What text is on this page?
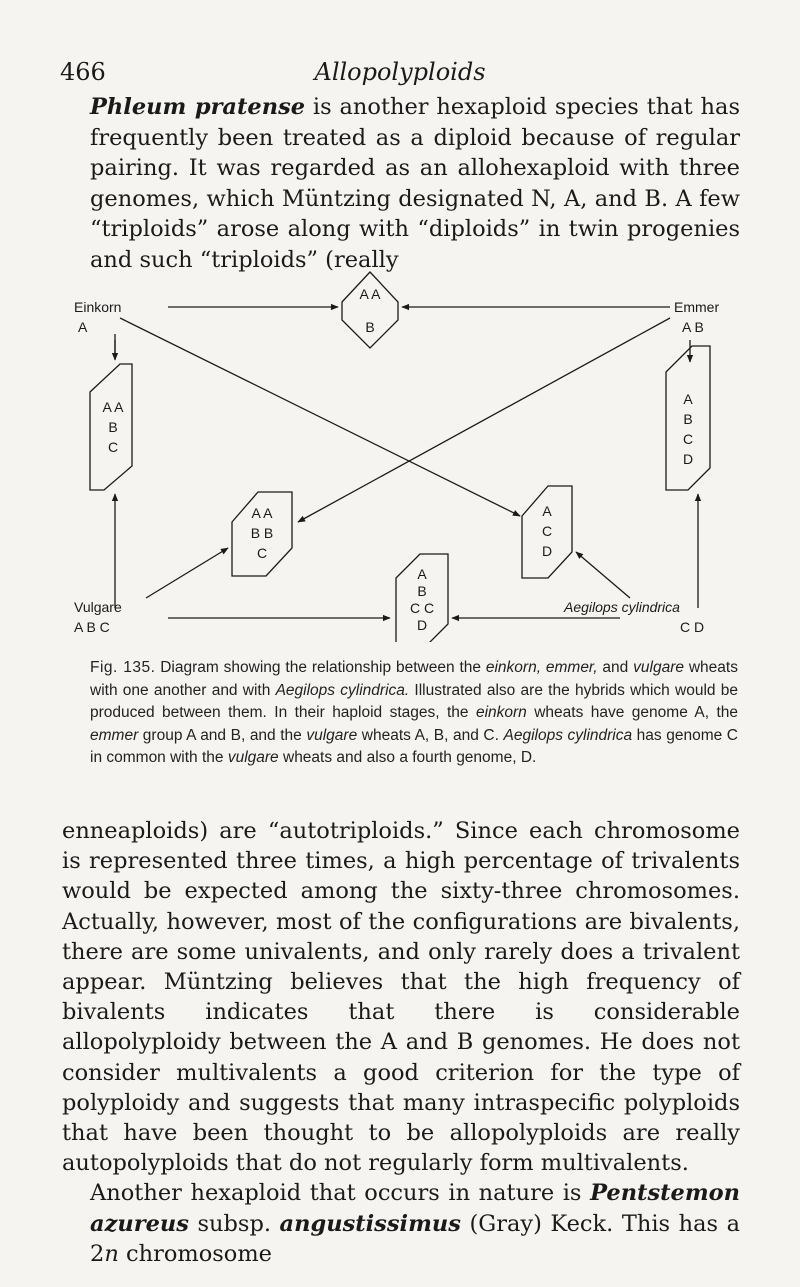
466	Allopolyploids
Phleum pratense is another hexaploid species that has frequently been treated as a diploid because of regular pairing. It was regarded as an allohexaploid with three genomes, which Müntzing designated N, A, and B. A few “triploids” arose along with “diploids” in twin progenies and such “triploids” (really
Einkorn
A
Emmer
A B
Vulgare
A B C
Aegilops cylindrica
C D
A A
B
A A
B
C
A
B
C
D
A A
B B
C
A
C
D
A
B
C C
D
Fig. 135. Diagram showing the relationship between the einkorn, emmer, and vulgare wheats with one another and with Aegilops cylindrica. Illustrated also are the hybrids which would be produced between them. In their haploid stages, the einkorn wheats have genome A, the emmer group A and B, and the vulgare wheats A, B, and C. Aegilops cylindrica has genome C in common with the vulgare wheats and also a fourth genome, D.

enneaploids) are “autotriploids.” Since each chromosome is represented three times, a high percentage of trivalents would be expected among the sixty-three chromosomes. Actually, however, most of the configurations are bivalents, there are some univalents, and only rarely does a trivalent appear. Müntzing believes that the high frequency of bivalents indicates that there is considerable allopolyploidy between the A and B genomes. He does not consider multivalents a good criterion for the type of polyploidy and suggests that many intraspecific polyploids that have been thought to be allopolyploids are really autopolyploids that do not regularly form multivalents.

Another hexaploid that occurs in nature is Pentstemon azureus subsp. angustissimus (Gray) Keck. This has a 2n chromosome
